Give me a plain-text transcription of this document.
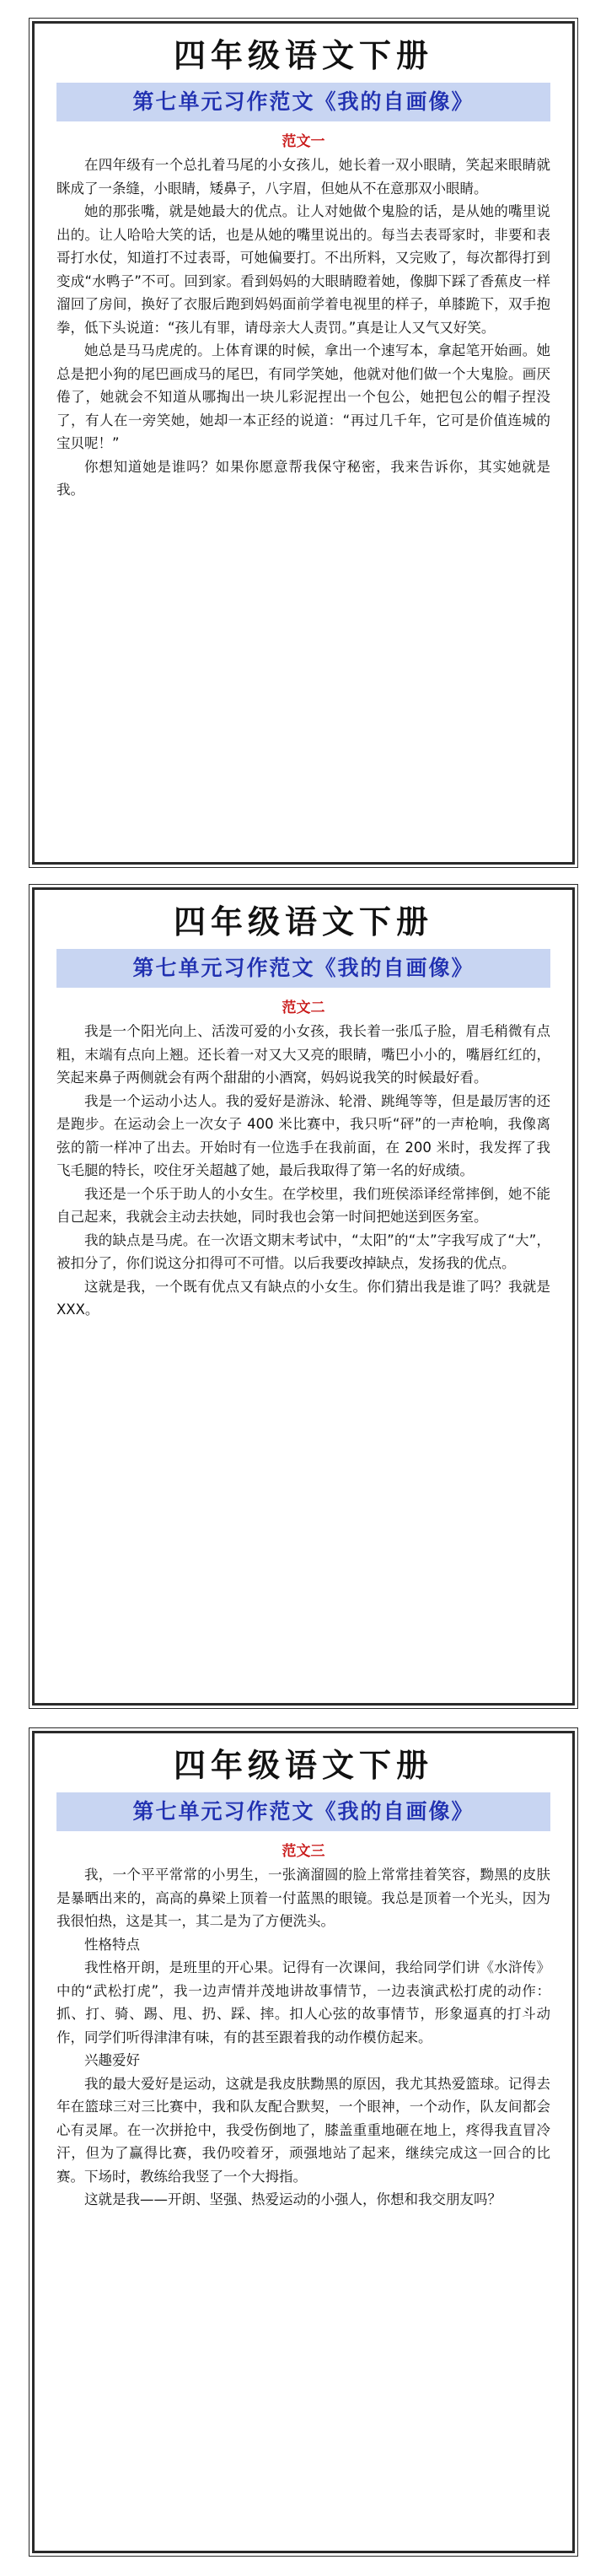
四年级语文下册
第七单元习作范文《我的自画像》
范文一

在四年级有一个总扎着马尾的小女孩儿，她长着一双小眼睛，笑起来眼睛就眯成了一条缝，小眼睛，矮鼻子，八字眉，但她从不在意那双小眼睛。

她的那张嘴，就是她最大的优点。让人对她做个鬼脸的话，是从她的嘴里说出的。让人哈哈大笑的话，也是从她的嘴里说出的。每当去表哥家时，非要和表哥打水仗，知道打不过表哥，可她偏要打。不出所料，又完败了，每次都得打到变成“水鸭子”不可。回到家。看到妈妈的大眼睛瞪着她，像脚下踩了香蕉皮一样溜回了房间，换好了衣服后跑到妈妈面前学着电视里的样子，单膝跪下，双手抱拳，低下头说道：“孩儿有罪，请母亲大人责罚。”真是让人又气又好笑。

她总是马马虎虎的。上体育课的时候，拿出一个速写本，拿起笔开始画。她总是把小狗的尾巴画成马的尾巴，有同学笑她，他就对他们做一个大鬼脸。画厌倦了，她就会不知道从哪掏出一块儿彩泥捏出一个包公，她把包公的帽子捏没了，有人在一旁笑她，她却一本正经的说道：“再过几千年，它可是价值连城的宝贝呢！”

你想知道她是谁吗？如果你愿意帮我保守秘密，我来告诉你，其实她就是我。

四年级语文下册
第七单元习作范文《我的自画像》
范文二

我是一个阳光向上、活泼可爱的小女孩，我长着一张瓜子脸，眉毛稍微有点粗，末端有点向上翘。还长着一对又大又亮的眼睛，嘴巴小小的，嘴唇红红的，笑起来鼻子两侧就会有两个甜甜的小酒窝，妈妈说我笑的时候最好看。

我是一个运动小达人。我的爱好是游泳、轮滑、跳绳等等，但是最厉害的还是跑步。在运动会上一次女子 400 米比赛中，我只听“砰”的一声枪响，我像离弦的箭一样冲了出去。开始时有一位选手在我前面，在 200 米时，我发挥了我飞毛腿的特长，咬住牙关超越了她，最后我取得了第一名的好成绩。

我还是一个乐于助人的小女生。在学校里，我们班侯添译经常摔倒，她不能自己起来，我就会主动去扶她，同时我也会第一时间把她送到医务室。

我的缺点是马虎。在一次语文期末考试中，“太阳”的“太”字我写成了“大”，被扣分了，你们说这分扣得可不可惜。以后我要改掉缺点，发扬我的优点。

这就是我，一个既有优点又有缺点的小女生。你们猜出我是谁了吗？我就是 XXX。

四年级语文下册
第七单元习作范文《我的自画像》
范文三

我，一个平平常常的小男生，一张滴溜圆的脸上常常挂着笑容，黝黑的皮肤是暴晒出来的，高高的鼻梁上顶着一付蓝黑的眼镜。我总是顶着一个光头，因为我很怕热，这是其一，其二是为了方便洗头。

性格特点

我性格开朗，是班里的开心果。记得有一次课间，我给同学们讲《水浒传》中的“武松打虎”，我一边声情并茂地讲故事情节，一边表演武松打虎的动作：抓、打、骑、踢、甩、扔、踩、摔。扣人心弦的故事情节，形象逼真的打斗动作，同学们听得津津有味，有的甚至跟着我的动作模仿起来。

兴趣爱好

我的最大爱好是运动，这就是我皮肤黝黑的原因，我尤其热爱篮球。记得去年在篮球三对三比赛中，我和队友配合默契，一个眼神，一个动作，队友间都会心有灵犀。在一次拼抢中，我受伤倒地了，膝盖重重地砸在地上，疼得我直冒冷汗，但为了赢得比赛，我仍咬着牙，顽强地站了起来，继续完成这一回合的比赛。下场时，教练给我竖了一个大拇指。

这就是我——开朗、坚强、热爱运动的小强人，你想和我交朋友吗？
